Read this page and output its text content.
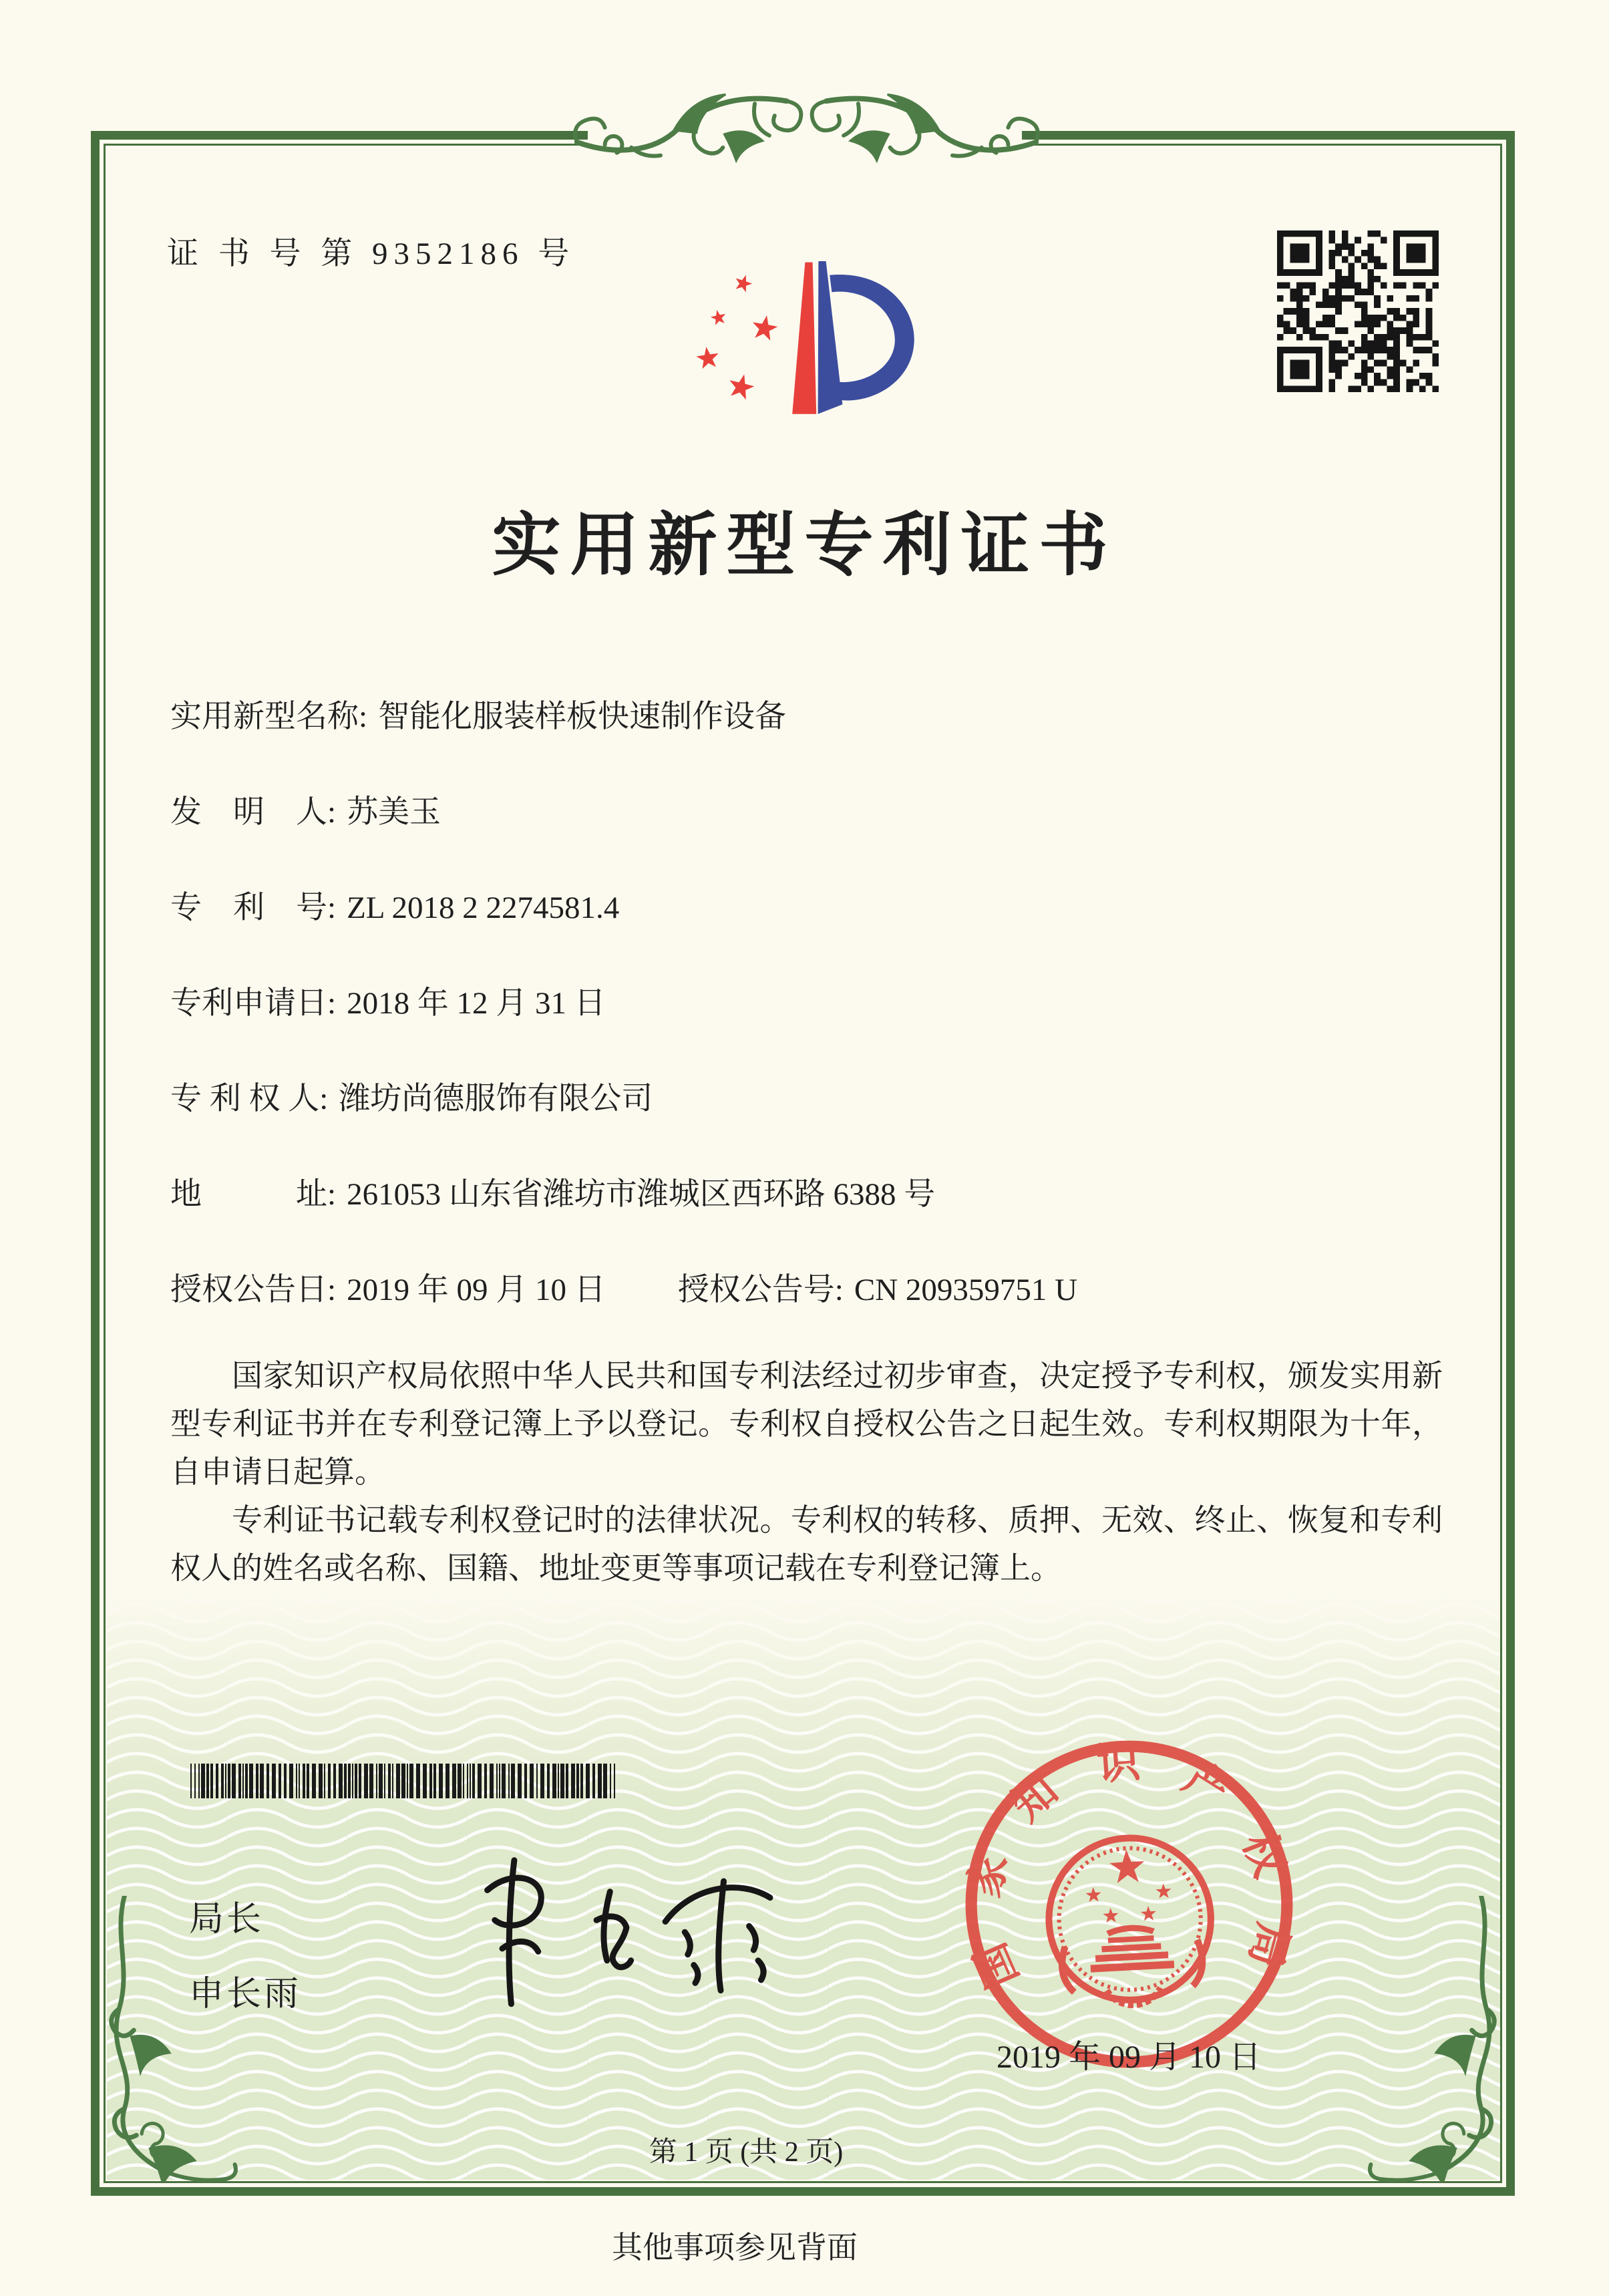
证 书 号 第 9352186 号
实用新型专利证书
实用新型名称: 智能化服装样板快速制作设备
发　明　人: 苏美玉
专　利　号: ZL 2018 2 2274581.4
专利申请日: 2018 年 12 月 31 日
专 利 权 人: 潍坊尚德服饰有限公司
地　　　址: 261053 山东省潍坊市潍城区西环路 6388 号
授权公告日: 2019 年 09 月 10 日 授权公告号: CN 209359751 U

国家知识产权局依照中华人民共和国专利法经过初步审查，决定授予专利权，颁发实用新型专利证书并在专利登记簿上予以登记。专利权自授权公告之日起生效。专利权期限为十年，自申请日起算。

专利证书记载专利权登记时的法律状况。专利权的转移、质押、无效、终止、恢复和专利权人的姓名或名称、国籍、地址变更等事项记载在专利登记簿上。

局长
申长雨	国家知识产权局
2019 年 09 月 10 日
第 1 页 (共 2 页)
其他事项参见背面
